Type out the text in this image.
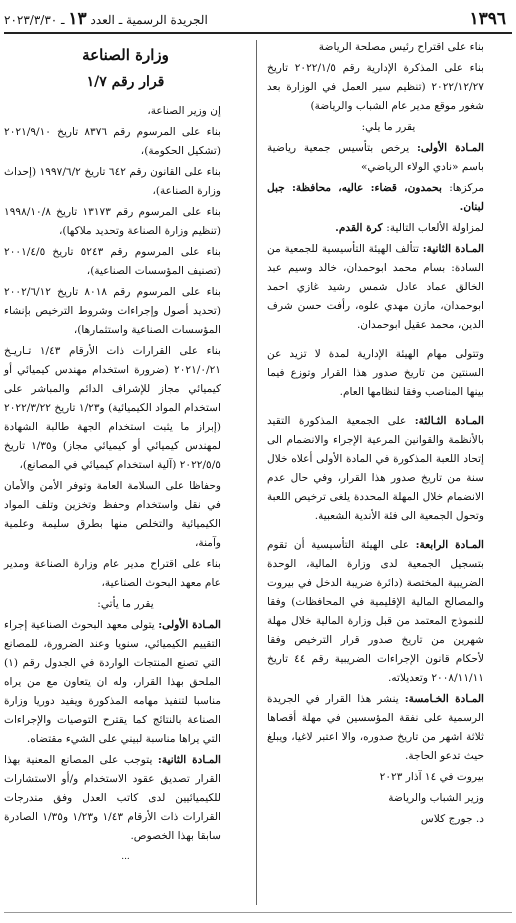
١٣٩٦
الجريدة الرسمية ـ العدد ١٣ ـ ٢٠٢٣/٣/٣٠

بناء على اقتراح رئيس مصلحة الرياضة

بناء على المذكرة الإدارية رقم ٢٠٢٢/١/٥ تاريخ ٢٠٢٢/١٢/٢٧ (تنظيم سير العمل في الوزارة بعد شغور موقع مدير عام الشباب والرياضة)

يقرر ما يلي:

المـادة الأولى: يرخص بتأسيس جمعية رياضية باسم «نادي الولاء الرياضي»

مركزها: بحمدون، قضاء: عاليه، محافظة: جبل لبنان.

لمزاولة الألعاب التالية: كرة القدم.

المـادة الثانية: تتألف الهيئة التأسيسية للجمعية من السادة: بسام محمد ابوحمدان، خالد وسيم عبد الخالق عماد عادل شمس رشيد غازي احمد ابوحمدان، مازن مهدي علوه، رأفت حسن شرف الدين، محمد عقيل ابوحمدان.

وتتولى مهام الهيئة الإدارية لمدة لا تزيد عن السنتين من تاريخ صدور هذا القرار وتوزع فيما بينها المناصب وفقا لنظامها العام.

المـادة الثـالثة: على الجمعية المذكورة التقيد بالأنظمة والقوانين المرعية الإجراء والانضمام الى إتحاد اللعبة المذكورة في المادة الأولى أعلاه خلال سنة من تاريخ صدور هذا القرار، وفي حال عدم الانضمام خلال المهلة المحددة يلغى ترخيص اللعبة وتحول الجمعية الى فئة الأندية الشعبية.

المـادة الرابعة: على الهيئة التأسيسية أن تقوم بتسجيل الجمعية لدى وزارة المالية، الوحدة الضريبية المختصة (دائرة ضريبة الدخل في بيروت والمصالح المالية الإقليمية في المحافظات) وفقا للنموذج المعتمد من قبل وزارة المالية خلال مهلة شهرين من تاريخ صدور قرار الترخيص وفقا لأحكام قانون الإجراءات الضريبية رقم ٤٤ تاريخ ٢٠٠٨/١١/١١ وتعديلاته.

المـادة الخـامسة: ينشر هذا القرار في الجريدة الرسمية على نفقة المؤسسين في مهلة أقصاها ثلاثة اشهر من تاريخ صدوره، والا اعتبر لاغيا، ويبلغ حيث تدعو الحاجة.

بيروت في ١٤ آذار ٢٠٢٣

وزير الشباب والرياضة

د. جورج كلاس

وزارة الصناعة
قرار رقم ١/٧

إن وزير الصناعة،

بناء على المرسوم رقم ٨٣٧٦ تاريخ ٢٠٢١/٩/١٠ (تشكيل الحكومة)،

بناء على القانون رقم ٦٤٢ تاريخ ١٩٩٧/٦/٢ (إحداث وزارة الصناعة)،

بناء على المرسوم رقم ١٣١٧٣ تاريخ ١٩٩٨/١٠/٨ (تنظيم وزارة الصناعة وتحديد ملاكها)،

بناء على المرسوم رقم ٥٢٤٣ تاريخ ٢٠٠١/٤/٥ (تصنيف المؤسسات الصناعية)،

بناء على المرسوم رقم ٨٠١٨ تاريخ ٢٠٠٢/٦/١٢ (تحديد أصول وإجراءات وشروط الترخيص بإنشاء المؤسسات الصناعية واستثمارها)،

بناء على القرارات ذات الأرقام ١/٤٣ تـاريـخ ٢٠٢١/٠/٢١ (ضرورة استخدام مهندس كيميائي أو كيميائي مجاز للإشراف الدائم والمباشر على استخدام المواد الكيميائية) و١/٢٣ تاريخ ٢٠٢٢/٣/٢٢ (إبراز ما يثبت استخدام الجهة طالبة الشهادة لمهندس كيميائي أو كيميائي مجاز) و١/٣٥ تاريخ ٢٠٢٢/٥/٥ (آلية استخدام كيميائي في المصانع)،

وحفاظا على السلامة العامة وتوفر الأمن والأمان في نقل واستخدام وحفظ وتخزين وتلف المواد الكيميائية والتخلص منها بطرق سليمة وعلمية وآمنة،

بناء على اقتراح مدير عام وزارة الصناعة ومدير عام معهد البحوث الصناعية،

يقرر ما يأتي:

المـادة الأولى: يتولى معهد البحوث الصناعية إجراء التقييم الكيميائي، سنويا وعند الضرورة، للمصانع التي تصنع المنتجات الواردة في الجدول رقم (١) الملحق بهذا القرار، وله ان يتعاون مع من يراه مناسبا لتنفيذ مهامه المذكورة ويفيد دوريا وزارة الصناعة بالنتائج كما يقترح التوصيات والإجراءات التي يراها مناسبة لبيني على الشيء مقتضاه.

المـادة الثانية: يتوجب على المصانع المعنية بهذا القرار تصديق عقود الاستخدام و/أو الاستشارات للكيميائيين لدى كاتب العدل وفق مندرجات القرارات ذات الأرقام ١/٤٣ و١/٢٣ و١/٣٥ الصادرة سابقا بهذا الخصوص.

...
